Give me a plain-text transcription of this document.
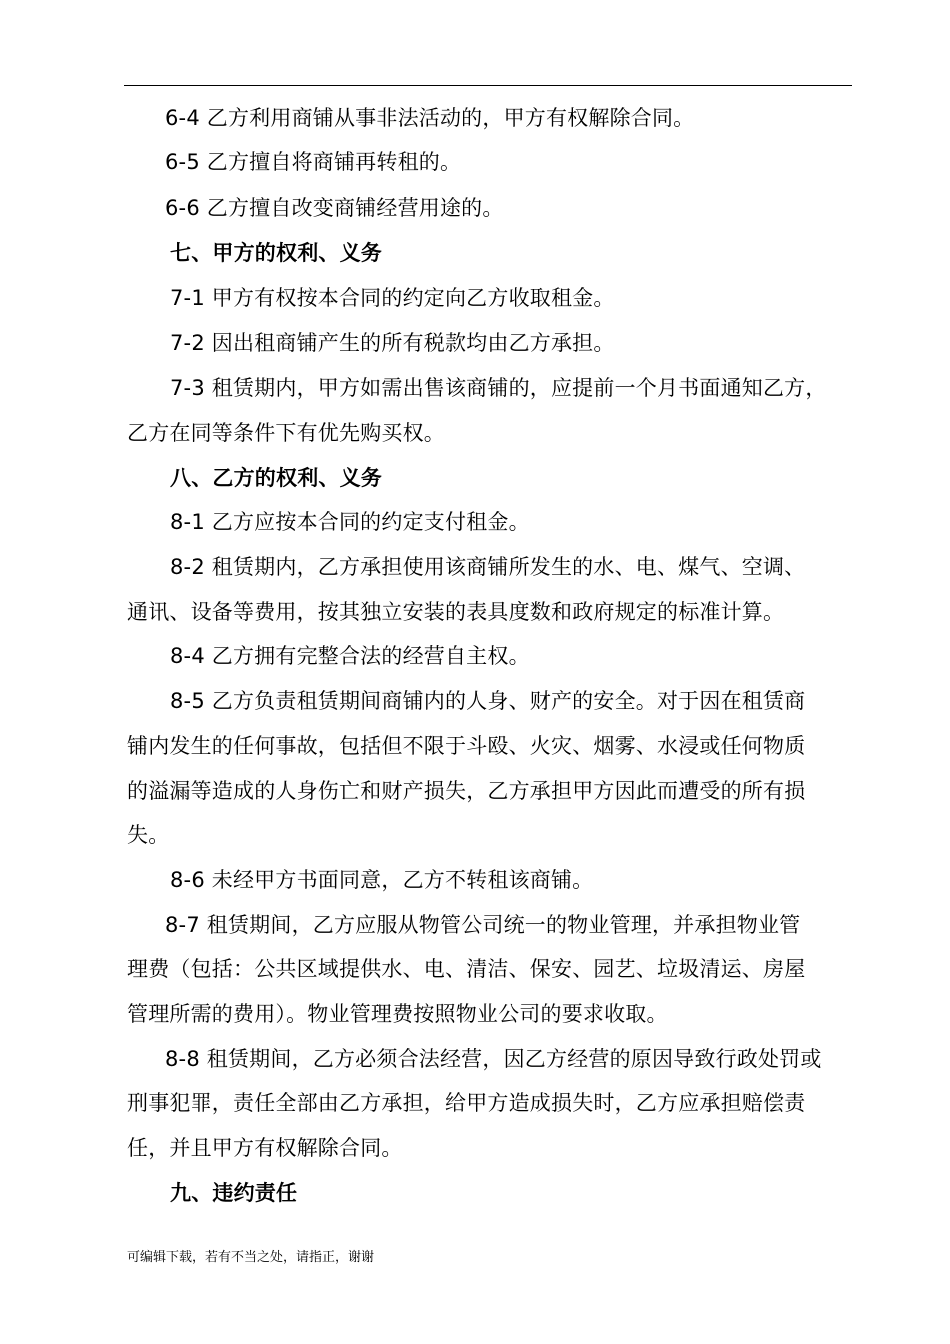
6-4 乙方利用商铺从事非法活动的，甲方有权解除合同。
6-5 乙方擅自将商铺再转租的。
6-6 乙方擅自改变商铺经营用途的。
七、甲方的权利、义务
7-1 甲方有权按本合同的约定向乙方收取租金。
7-2 因出租商铺产生的所有税款均由乙方承担。
7-3 租赁期内，甲方如需出售该商铺的，应提前一个月书面通知乙方，
乙方在同等条件下有优先购买权。
八、乙方的权利、义务
8-1 乙方应按本合同的约定支付租金。
8-2 租赁期内，乙方承担使用该商铺所发生的水、电、煤气、空调、
通讯、设备等费用，按其独立安装的表具度数和政府规定的标准计算。
8-4 乙方拥有完整合法的经营自主权。
8-5 乙方负责租赁期间商铺内的人身、财产的安全。对于因在租赁商
铺内发生的任何事故，包括但不限于斗殴、火灾、烟雾、水浸或任何物质
的溢漏等造成的人身伤亡和财产损失，乙方承担甲方因此而遭受的所有损
失。
8-6 未经甲方书面同意，乙方不转租该商铺。
8-7 租赁期间，乙方应服从物管公司统一的物业管理，并承担物业管
理费（包括：公共区域提供水、电、清洁、保安、园艺、垃圾清运、房屋
管理所需的费用）。物业管理费按照物业公司的要求收取。
8-8 租赁期间，乙方必须合法经营，因乙方经营的原因导致行政处罚或
刑事犯罪，责任全部由乙方承担，给甲方造成损失时，乙方应承担赔偿责
任，并且甲方有权解除合同。
九、违约责任
可编辑下载，若有不当之处，请指正，谢谢
